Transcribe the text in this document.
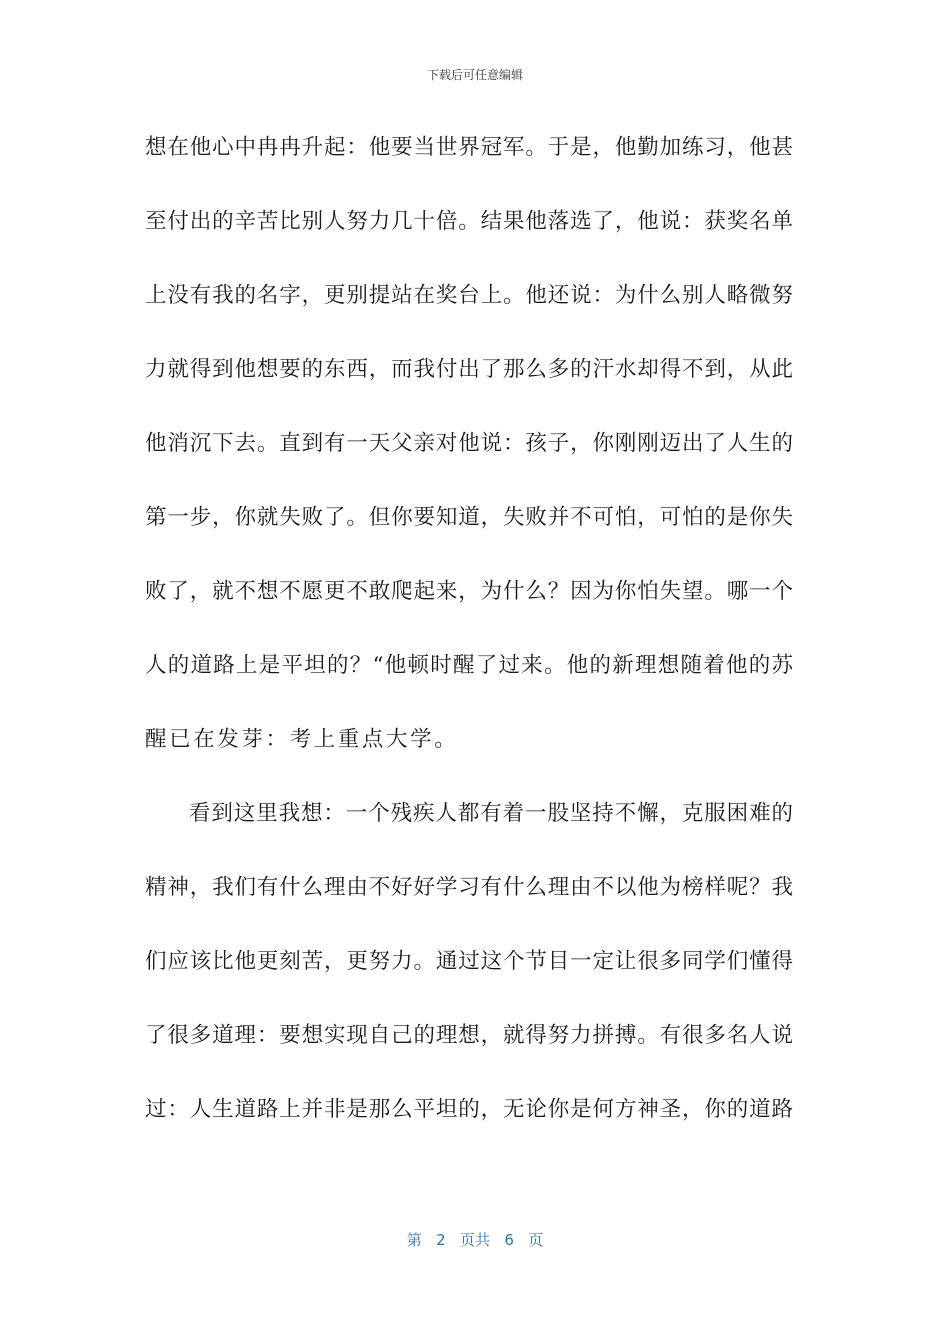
下载后可任意编辑
想在他心中冉冉升起：他要当世界冠军。于是，他勤加练习，他甚
至付出的辛苦比别人努力几十倍。结果他落选了，他说：获奖名单
上没有我的名字，更别提站在奖台上。他还说：为什么别人略微努
力就得到他想要的东西，而我付出了那么多的汗水却得不到，从此
他消沉下去。直到有一天父亲对他说：孩子，你刚刚迈出了人生的
第一步，你就失败了。但你要知道，失败并不可怕，可怕的是你失
败了，就不想不愿更不敢爬起来，为什么？因为你怕失望。哪一个
人的道路上是平坦的？“他顿时醒了过来。他的新理想随着他的苏
醒已在发芽：考上重点大学。
看到这里我想：一个残疾人都有着一股坚持不懈，克服困难的
精神，我们有什么理由不好好学习有什么理由不以他为榜样呢？我
们应该比他更刻苦，更努力。通过这个节目一定让很多同学们懂得
了很多道理：要想实现自己的理想，就得努力拼搏。有很多名人说
过：人生道路上并非是那么平坦的，无论你是何方神圣，你的道路
第 2 页共 6 页
